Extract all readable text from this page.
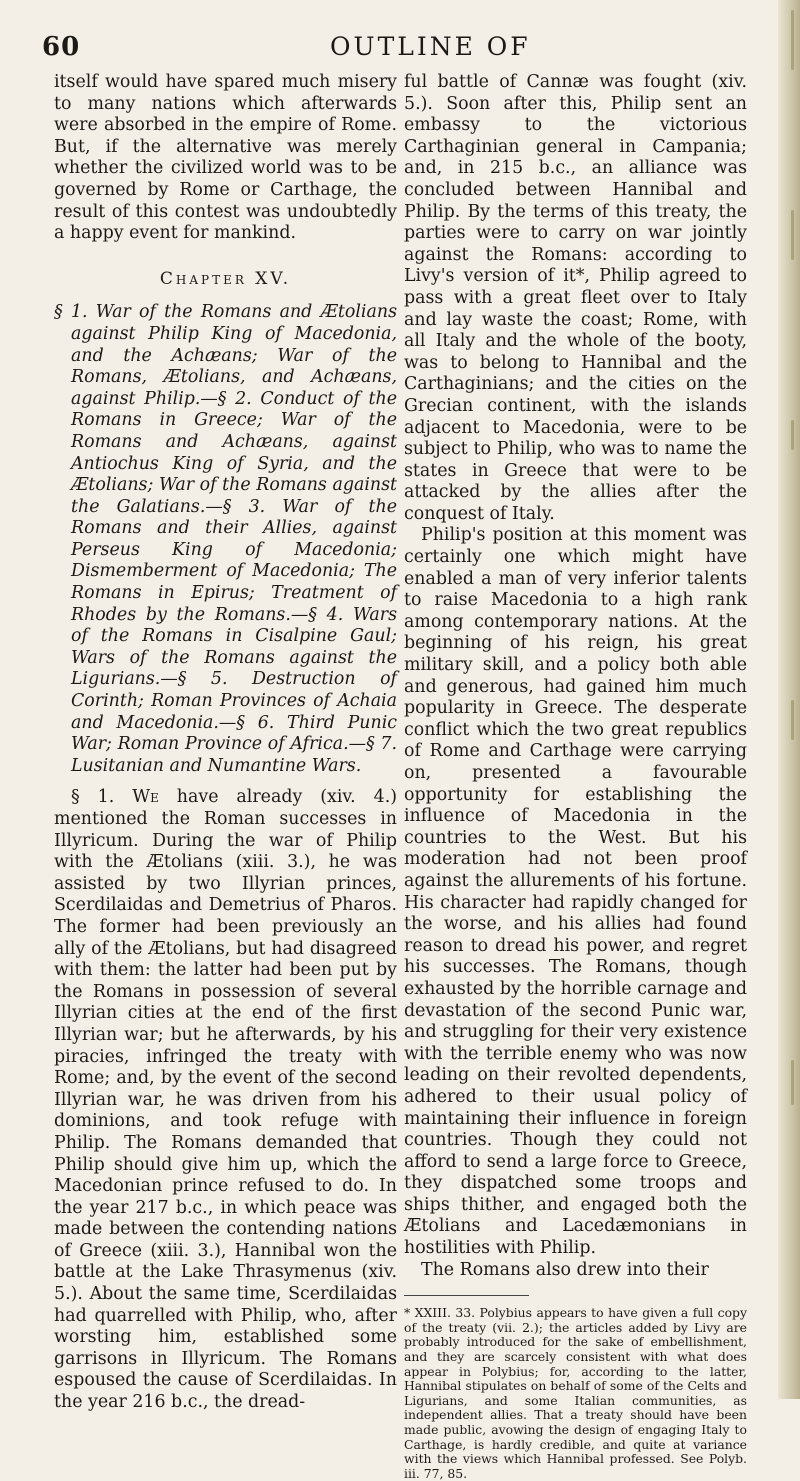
60	OUTLINE OF

itself would have spared much misery to many nations which afterwards were absorbed in the empire of Rome. But, if the alternative was merely whether the civilized world was to be governed by Rome or Carthage, the result of this contest was undoubtedly a happy event for mankind.

Chapter XV.

§ 1. War of the Romans and Ætolians against Philip King of Macedonia, and the Achæans; War of the Romans, Ætolians, and Achæans, against Philip.—§ 2. Conduct of the Romans in Greece; War of the Romans and Achæans, against Antiochus King of Syria, and the Ætolians; War of the Romans against the Galatians.—§ 3. War of the Romans and their Allies, against Perseus King of Macedonia; Dismemberment of Macedonia; The Romans in Epirus; Treatment of Rhodes by the Romans.—§ 4. Wars of the Romans in Cisalpine Gaul; Wars of the Romans against the Ligurians.—§ 5. Destruction of Corinth; Roman Provinces of Achaia and Macedonia.—§ 6. Third Punic War; Roman Province of Africa.—§ 7. Lusitanian and Numantine Wars.

§ 1. We have already (xiv. 4.) mentioned the Roman successes in Illyricum. During the war of Philip with the Ætolians (xiii. 3.), he was assisted by two Illyrian princes, Scerdilaidas and Demetrius of Pharos. The former had been previously an ally of the Ætolians, but had disagreed with them: the latter had been put by the Romans in possession of several Illyrian cities at the end of the first Illyrian war; but he afterwards, by his piracies, infringed the treaty with Rome; and, by the event of the second Illyrian war, he was driven from his dominions, and took refuge with Philip. The Romans demanded that Philip should give him up, which the Macedonian prince refused to do. In the year 217 b.c., in which peace was made between the contending nations of Greece (xiii. 3.), Hannibal won the battle at the Lake Thrasymenus (xiv. 5.). About the same time, Scerdilaidas had quarrelled with Philip, who, after worsting him, established some garrisons in Illyricum. The Romans espoused the cause of Scerdilaidas. In the year 216 b.c., the dread-

ful battle of Cannæ was fought (xiv. 5.). Soon after this, Philip sent an embassy to the victorious Carthaginian general in Campania; and, in 215 b.c., an alliance was concluded between Hannibal and Philip. By the terms of this treaty, the parties were to carry on war jointly against the Romans: according to Livy's version of it*, Philip agreed to pass with a great fleet over to Italy and lay waste the coast; Rome, with all Italy and the whole of the booty, was to belong to Hannibal and the Carthaginians; and the cities on the Grecian continent, with the islands adjacent to Macedonia, were to be subject to Philip, who was to name the states in Greece that were to be attacked by the allies after the conquest of Italy.

Philip's position at this moment was certainly one which might have enabled a man of very inferior talents to raise Macedonia to a high rank among contemporary nations. At the beginning of his reign, his great military skill, and a policy both able and generous, had gained him much popularity in Greece. The desperate conflict which the two great republics of Rome and Carthage were carrying on, presented a favourable opportunity for establishing the influence of Macedonia in the countries to the West. But his moderation had not been proof against the allurements of his fortune. His character had rapidly changed for the worse, and his allies had found reason to dread his power, and regret his successes. The Romans, though exhausted by the horrible carnage and devastation of the second Punic war, and struggling for their very existence with the terrible enemy who was now leading on their revolted dependents, adhered to their usual policy of maintaining their influence in foreign countries. Though they could not afford to send a large force to Greece, they dispatched some troops and ships thither, and engaged both the Ætolians and Lacedæmonians in hostilities with Philip.

The Romans also drew into their

* XXIII. 33. Polybius appears to have given a full copy of the treaty (vii. 2.); the articles added by Livy are probably introduced for the sake of embellishment, and they are scarcely consistent with what does appear in Polybius; for, according to the latter, Hannibal stipulates on behalf of some of the Celts and Ligurians, and some Italian communities, as independent allies. That a treaty should have been made public, avowing the design of engaging Italy to Carthage, is hardly credible, and quite at variance with the views which Hannibal professed. See Polyb. iii. 77, 85.
